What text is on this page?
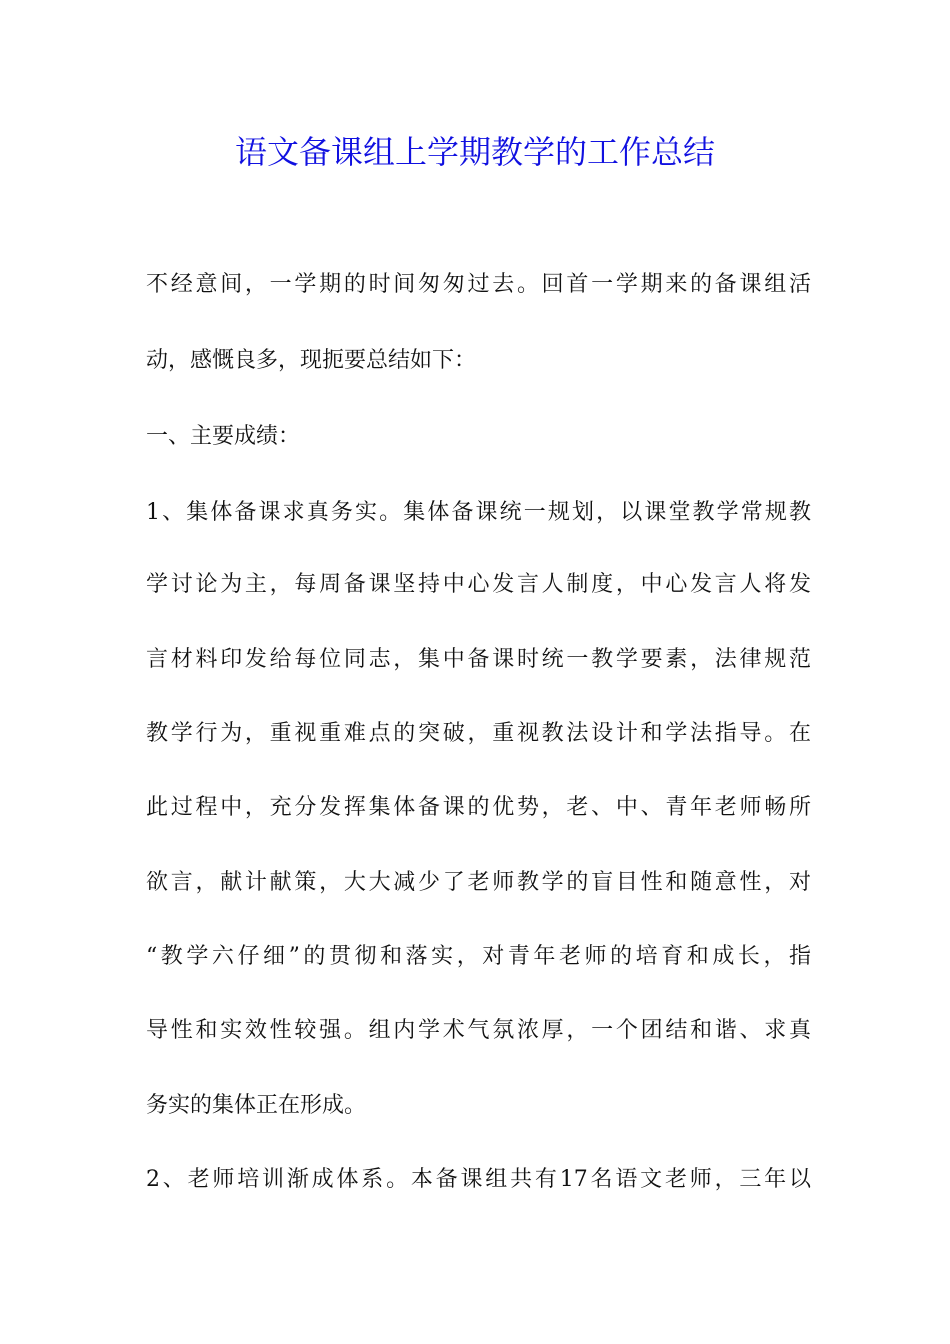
语文备课组上学期教学的工作总结

不经意间，一学期的时间匆匆过去。回首一学期来的备课组活

动，感慨良多，现扼要总结如下：

一、主要成绩：

1、集体备课求真务实。集体备课统一规划，以课堂教学常规教

学讨论为主，每周备课坚持中心发言人制度，中心发言人将发

言材料印发给每位同志，集中备课时统一教学要素，法律规范

教学行为，重视重难点的突破，重视教法设计和学法指导。在

此过程中，充分发挥集体备课的优势，老、中、青年老师畅所

欲言，献计献策，大大减少了老师教学的盲目性和随意性，对

“教学六仔细”的贯彻和落实，对青年老师的培育和成长，指

导性和实效性较强。组内学术气氛浓厚，一个团结和谐、求真

务实的集体正在形成。

2、老师培训渐成体系。本备课组共有17名语文老师，三年以
